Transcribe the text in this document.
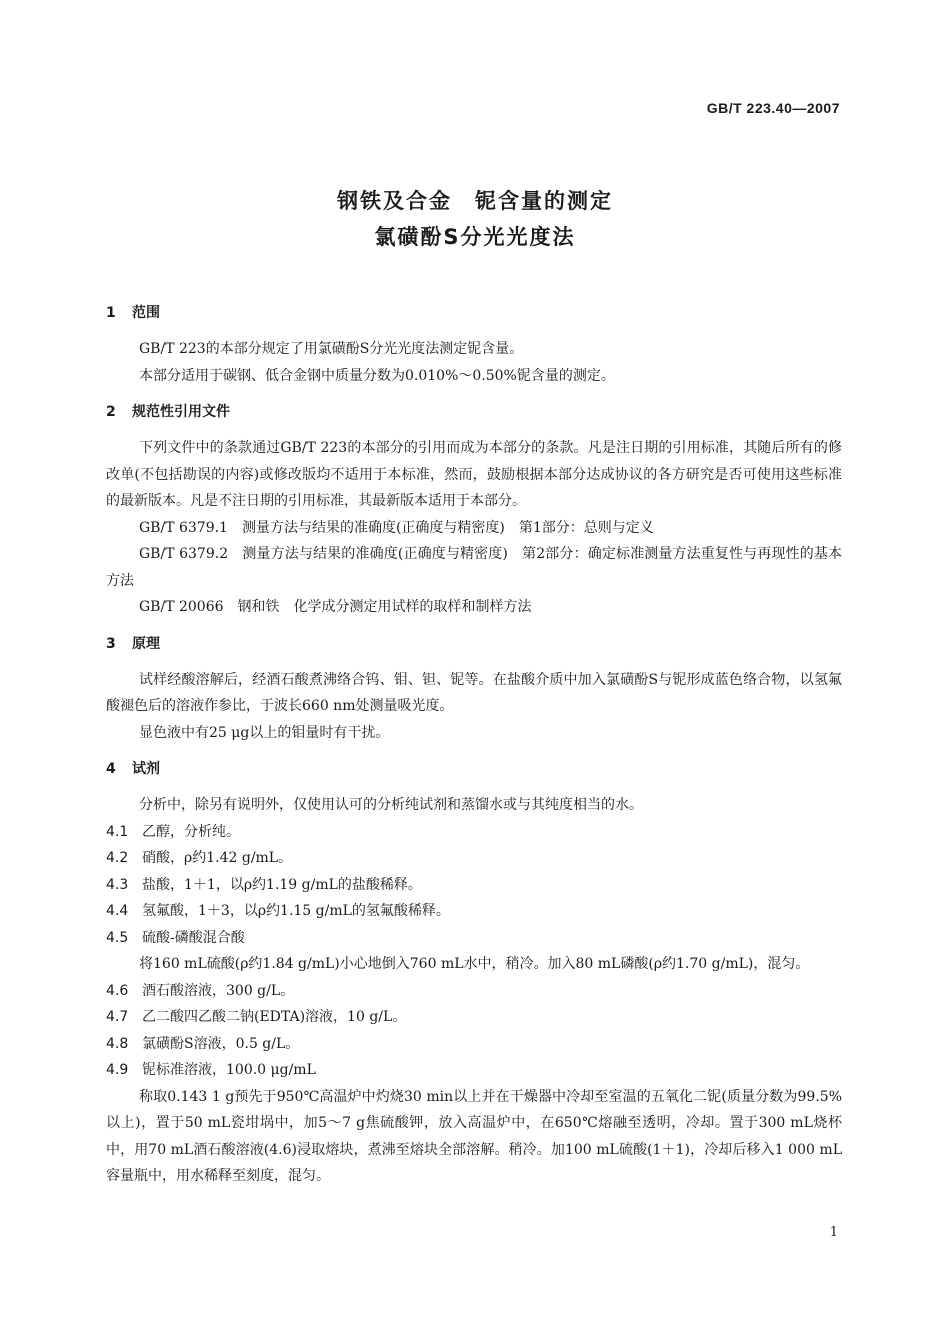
GB/T 223.40—2007
钢铁及合金　铌含量的测定
氯磺酚S分光光度法
1 范围

GB/T 223的本部分规定了用氯磺酚S分光光度法测定铌含量。

本部分适用于碳钢、低合金钢中质量分数为0.010%～0.50%铌含量的测定。

2 规范性引用文件

下列文件中的条款通过GB/T 223的本部分的引用而成为本部分的条款。凡是注日期的引用标准，其随后所有的修改单(不包括勘误的内容)或修改版均不适用于本标准，然而，鼓励根据本部分达成协议的各方研究是否可使用这些标准的最新版本。凡是不注日期的引用标准，其最新版本适用于本部分。

GB/T 6379.1　测量方法与结果的准确度(正确度与精密度)　第1部分：总则与定义

GB/T 6379.2　测量方法与结果的准确度(正确度与精密度)　第2部分：确定标准测量方法重复性与再现性的基本方法

GB/T 20066　钢和铁　化学成分测定用试样的取样和制样方法

3 原理

试样经酸溶解后，经酒石酸煮沸络合钨、钼、钽、铌等。在盐酸介质中加入氯磺酚S与铌形成蓝色络合物，以氢氟酸褪色后的溶液作参比，于波长660 nm处测量吸光度。

显色液中有25 μg以上的钼量时有干扰。

4 试剂

分析中，除另有说明外，仅使用认可的分析纯试剂和蒸馏水或与其纯度相当的水。

4.1 乙醇，分析纯。

4.2 硝酸，ρ约1.42 g/mL。

4.3 盐酸，1＋1，以ρ约1.19 g/mL的盐酸稀释。

4.4 氢氟酸，1＋3，以ρ约1.15 g/mL的氢氟酸稀释。

4.5 硫酸-磷酸混合酸

将160 mL硫酸(ρ约1.84 g/mL)小心地倒入760 mL水中，稍冷。加入80 mL磷酸(ρ约1.70 g/mL)，混匀。

4.6 酒石酸溶液，300 g/L。

4.7 乙二酸四乙酸二钠(EDTA)溶液，10 g/L。

4.8 氯磺酚S溶液，0.5 g/L。

4.9 铌标准溶液，100.0 μg/mL

称取0.143 1 g预先于950℃高温炉中灼烧30 min以上并在干燥器中冷却至室温的五氧化二铌(质量分数为99.5%以上)，置于50 mL瓷坩埚中，加5～7 g焦硫酸钾，放入高温炉中，在650℃熔融至透明，冷却。置于300 mL烧杯中，用70 mL酒石酸溶液(4.6)浸取熔块，煮沸至熔块全部溶解。稍冷。加100 mL硫酸(1＋1)，冷却后移入1 000 mL容量瓶中，用水稀释至刻度，混匀。

1
